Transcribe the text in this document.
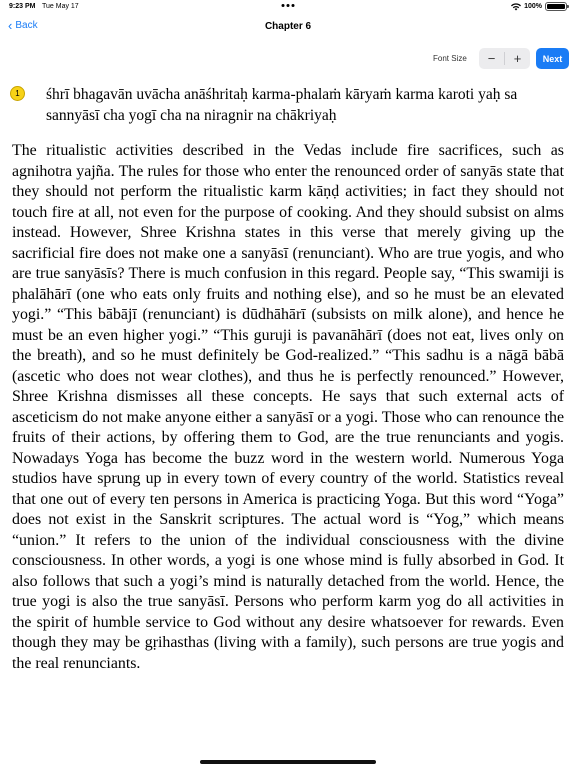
9:23 PM Tue May 17	100%
‹ Back	Chapter 6
Font Size	−	+	Next
1	śhrī bhagavān uvācha anāśhritaḥ karma-phalaṁ kāryaṁ karma karoti yaḥ sa sannyāsī cha yogī cha na niragnir na chākriyaḥ

The ritualistic activities described in the Vedas include fire sacrifices, such as agnihotra yajña. The rules for those who enter the renounced order of sanyās state that they should not perform the ritualistic karm kāṇḍ activities; in fact they should not touch fire at all, not even for the purpose of cooking. And they should subsist on alms instead. However, Shree Krishna states in this verse that merely giving up the sacrificial fire does not make one a sanyāsī (renunciant). Who are true yogis, and who are true sanyāsīs? There is much confusion in this regard. People say, “This swamiji is phalāhārī (one who eats only fruits and nothing else), and so he must be an elevated yogi.” “This bābājī (renunciant) is dūdhāhārī (subsists on milk alone), and hence he must be an even higher yogi.” “This guruji is pavanāhārī (does not eat, lives only on the breath), and so he must definitely be God-realized.” “This sadhu is a nāgā bābā (ascetic who does not wear clothes), and thus he is perfectly renounced.” However, Shree Krishna dismisses all these concepts. He says that such external acts of asceticism do not make anyone either a sanyāsī or a yogi. Those who can renounce the fruits of their actions, by offering them to God, are the true renunciants and yogis. Nowadays Yoga has become the buzz word in the western world. Numerous Yoga studios have sprung up in every town of every country of the world. Statistics reveal that one out of every ten persons in America is practicing Yoga. But this word “Yoga” does not exist in the Sanskrit scriptures. The actual word is “Yog,” which means “union.” It refers to the union of the individual consciousness with the divine consciousness. In other words, a yogi is one whose mind is fully absorbed in God. It also follows that such a yogi’s mind is naturally detached from the world. Hence, the true yogi is also the true sanyāsī. Persons who perform karm yog do all activities in the spirit of humble service to God without any desire whatsoever for rewards. Even though they may be gṛihasthas (living with a family), such persons are true yogis and the real renunciants.
